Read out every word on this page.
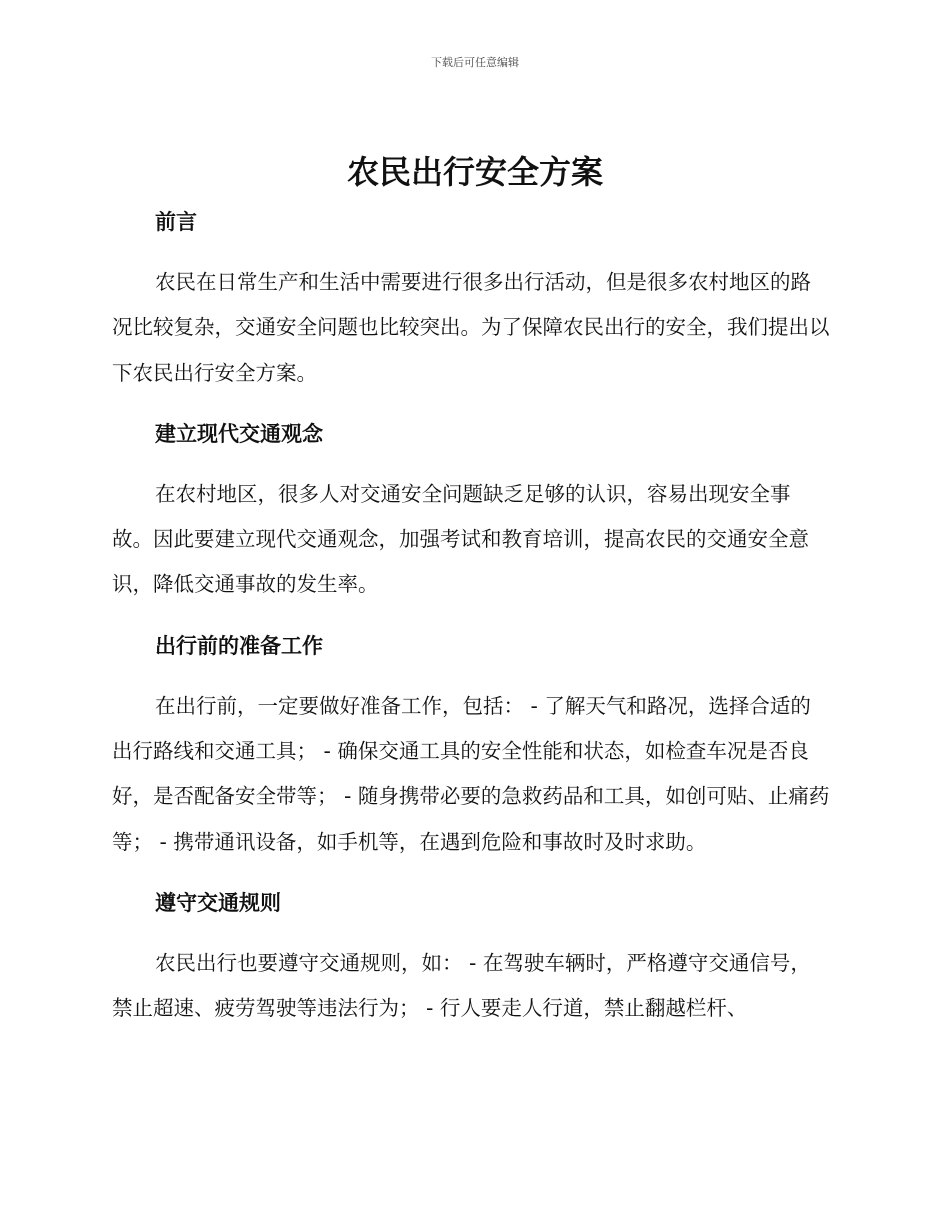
下载后可任意编辑
农民出行安全方案
前言

农民在日常生产和生活中需要进行很多出行活动，但是很多农村地区的路况比较复杂，交通安全问题也比较突出。为了保障农民出行的安全，我们提出以下农民出行安全方案。

建立现代交通观念

在农村地区，很多人对交通安全问题缺乏足够的认识，容易出现安全事故。因此要建立现代交通观念，加强考试和教育培训，提高农民的交通安全意识，降低交通事故的发生率。

出行前的准备工作

在出行前，一定要做好准备工作，包括： - 了解天气和路况，选择合适的出行路线和交通工具； - 确保交通工具的安全性能和状态，如检查车况是否良好，是否配备安全带等； - 随身携带必要的急救药品和工具，如创可贴、止痛药等； - 携带通讯设备，如手机等，在遇到危险和事故时及时求助。

遵守交通规则

农民出行也要遵守交通规则，如： - 在驾驶车辆时，严格遵守交通信号，禁止超速、疲劳驾驶等违法行为； - 行人要走人行道，禁止翻越栏杆、
